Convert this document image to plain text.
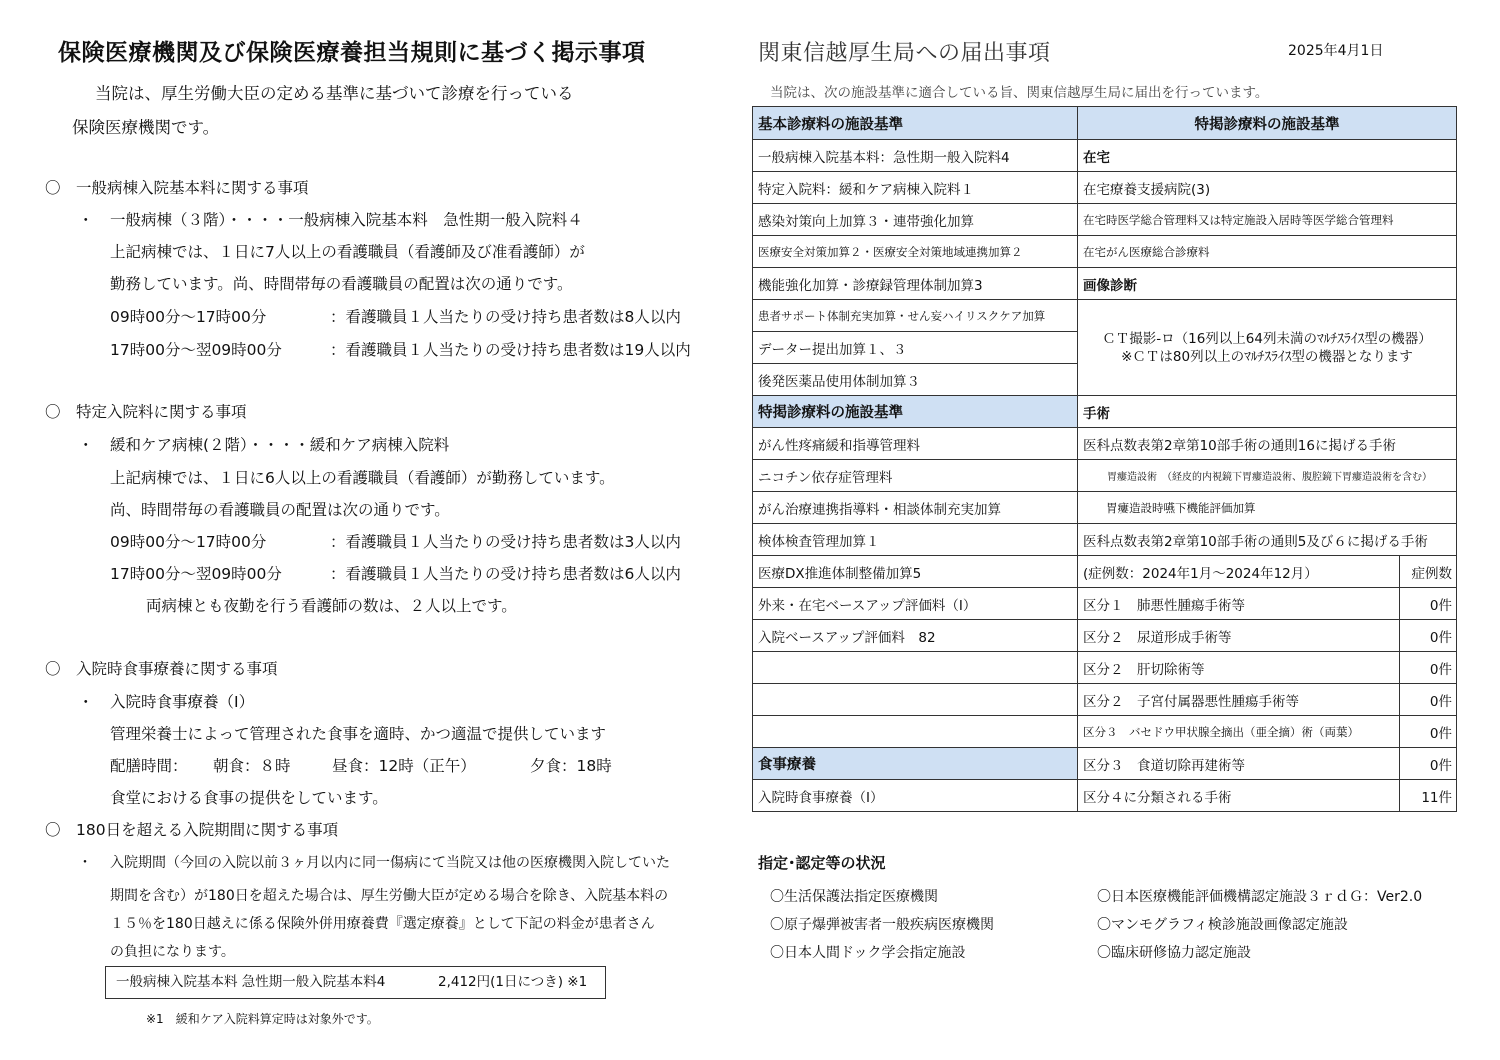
保険医療機関及び保険医療養担当規則に基づく掲示事項
当院は、厚生労働大臣の定める基準に基づいて診療を行っている
保険医療機関です。
〇　一般病棟入院基本料に関する事項
・ 一般病棟（３階）・・・・一般病棟入院基本料　急性期一般入院料４
上記病棟では、１日に7人以上の看護職員（看護師及び准看護師）が
勤務しています。尚、時間帯毎の看護職員の配置は次の通りです。
09時00分～17時00分	：看護職員１人当たりの受け持ち患者数は8人以内
17時00分～翌09時00分	：看護職員１人当たりの受け持ち患者数は19人以内
〇　特定入院料に関する事項
・ 緩和ケア病棟(２階）・・・・緩和ケア病棟入院料
上記病棟では、１日に6人以上の看護職員（看護師）が勤務しています。
尚、時間帯毎の看護職員の配置は次の通りです。
09時00分～17時00分	：看護職員１人当たりの受け持ち患者数は3人以内
17時00分～翌09時00分	：看護職員１人当たりの受け持ち患者数は6人以内
両病棟とも夜勤を行う看護師の数は、２人以上です。
〇　入院時食事療養に関する事項
・ 入院時食事療養（Ⅰ）
管理栄養士によって管理された食事を適時、かつ適温で提供しています
配膳時間： 朝食：８時	昼食：12時（正午）	夕食：18時
食堂における食事の提供をしています。
〇　180日を超える入院期間に関する事項
・ 入院期間（今回の入院以前３ヶ月以内に同一傷病にて当院又は他の医療機関入院していた
期間を含む）が180日を超えた場合は、厚生労働大臣が定める場合を除き、入院基本料の
１５％を180日越えに係る保険外併用療養費『選定療養』として下記の料金が患者さん
の負担になります。
一般病棟入院基本料 急性期一般入院基本料4	2,412円(1日につき) ※1
※1　緩和ケア入院料算定時は対象外です。
関東信越厚生局への届出事項	2025年4月1日
当院は、次の施設基準に適合している旨、関東信越厚生局に届出を行っています。
基本診療料の施設基準	特掲診療料の施設基準	
一般病棟入院基本料：急性期一般入院料4	在宅	
特定入院料：緩和ケア病棟入院料１	在宅療養支援病院(3)	
感染対策向上加算３・連帯強化加算	在宅時医学総合管理料又は特定施設入居時等医学総合管理料	
医療安全対策加算２・医療安全対策地域連携加算２	在宅がん医療総合診療料	
機能強化加算・診療録管理体制加算3	画像診断	
患者サポート体制充実加算・せん妄ハイリスクケア加算	ＣＴ撮影-ロ（16列以上64列未満のﾏﾙﾁｽﾗｲｽ型の機器）
※ＣＴは80列以上のﾏﾙﾁｽﾗｲｽ型の機器となります	

データー提出加算１、３		
後発医薬品使用体制加算３		
特掲診療料の施設基準	手術	
がん性疼痛緩和指導管理料	医科点数表第2章第10部手術の通則16に掲げる手術	
ニコチン依存症管理料	胃瘻造設術　（経皮的内視鏡下胃瘻造設術、腹腔鏡下胃瘻造設術を含む）	
がん治療連携指導料・相談体制充実加算	胃瘻造設時嚥下機能評価加算	
検体検査管理加算１	医科点数表第2章第10部手術の通則5及び６に掲げる手術	
医療DX推進体制整備加算5	(症例数：2024年1月～2024年12月）	症例数
外来・在宅ベースアップ評価料（Ⅰ）	区分１　肺悪性腫瘍手術等	0件
入院ベースアップ評価料　82	区分２　尿道形成手術等	0件
	区分２　肝切除術等	0件
	区分２　子宮付属器悪性腫瘍手術等	0件
	区分３　バセドウ甲状腺全摘出（亜全摘）術（両葉）	0件
食事療養	区分３　食道切除再建術等	0件
入院時食事療養（Ⅰ）	区分４に分類される手術	11件
指定･認定等の状況
〇生活保護法指定医療機関	〇日本医療機能評価機構認定施設３ｒｄＧ：Ver2.0
〇原子爆弾被害者一般疾病医療機関	〇マンモグラフィ検診施設画像認定施設
〇日本人間ドック学会指定施設	〇臨床研修協力認定施設
